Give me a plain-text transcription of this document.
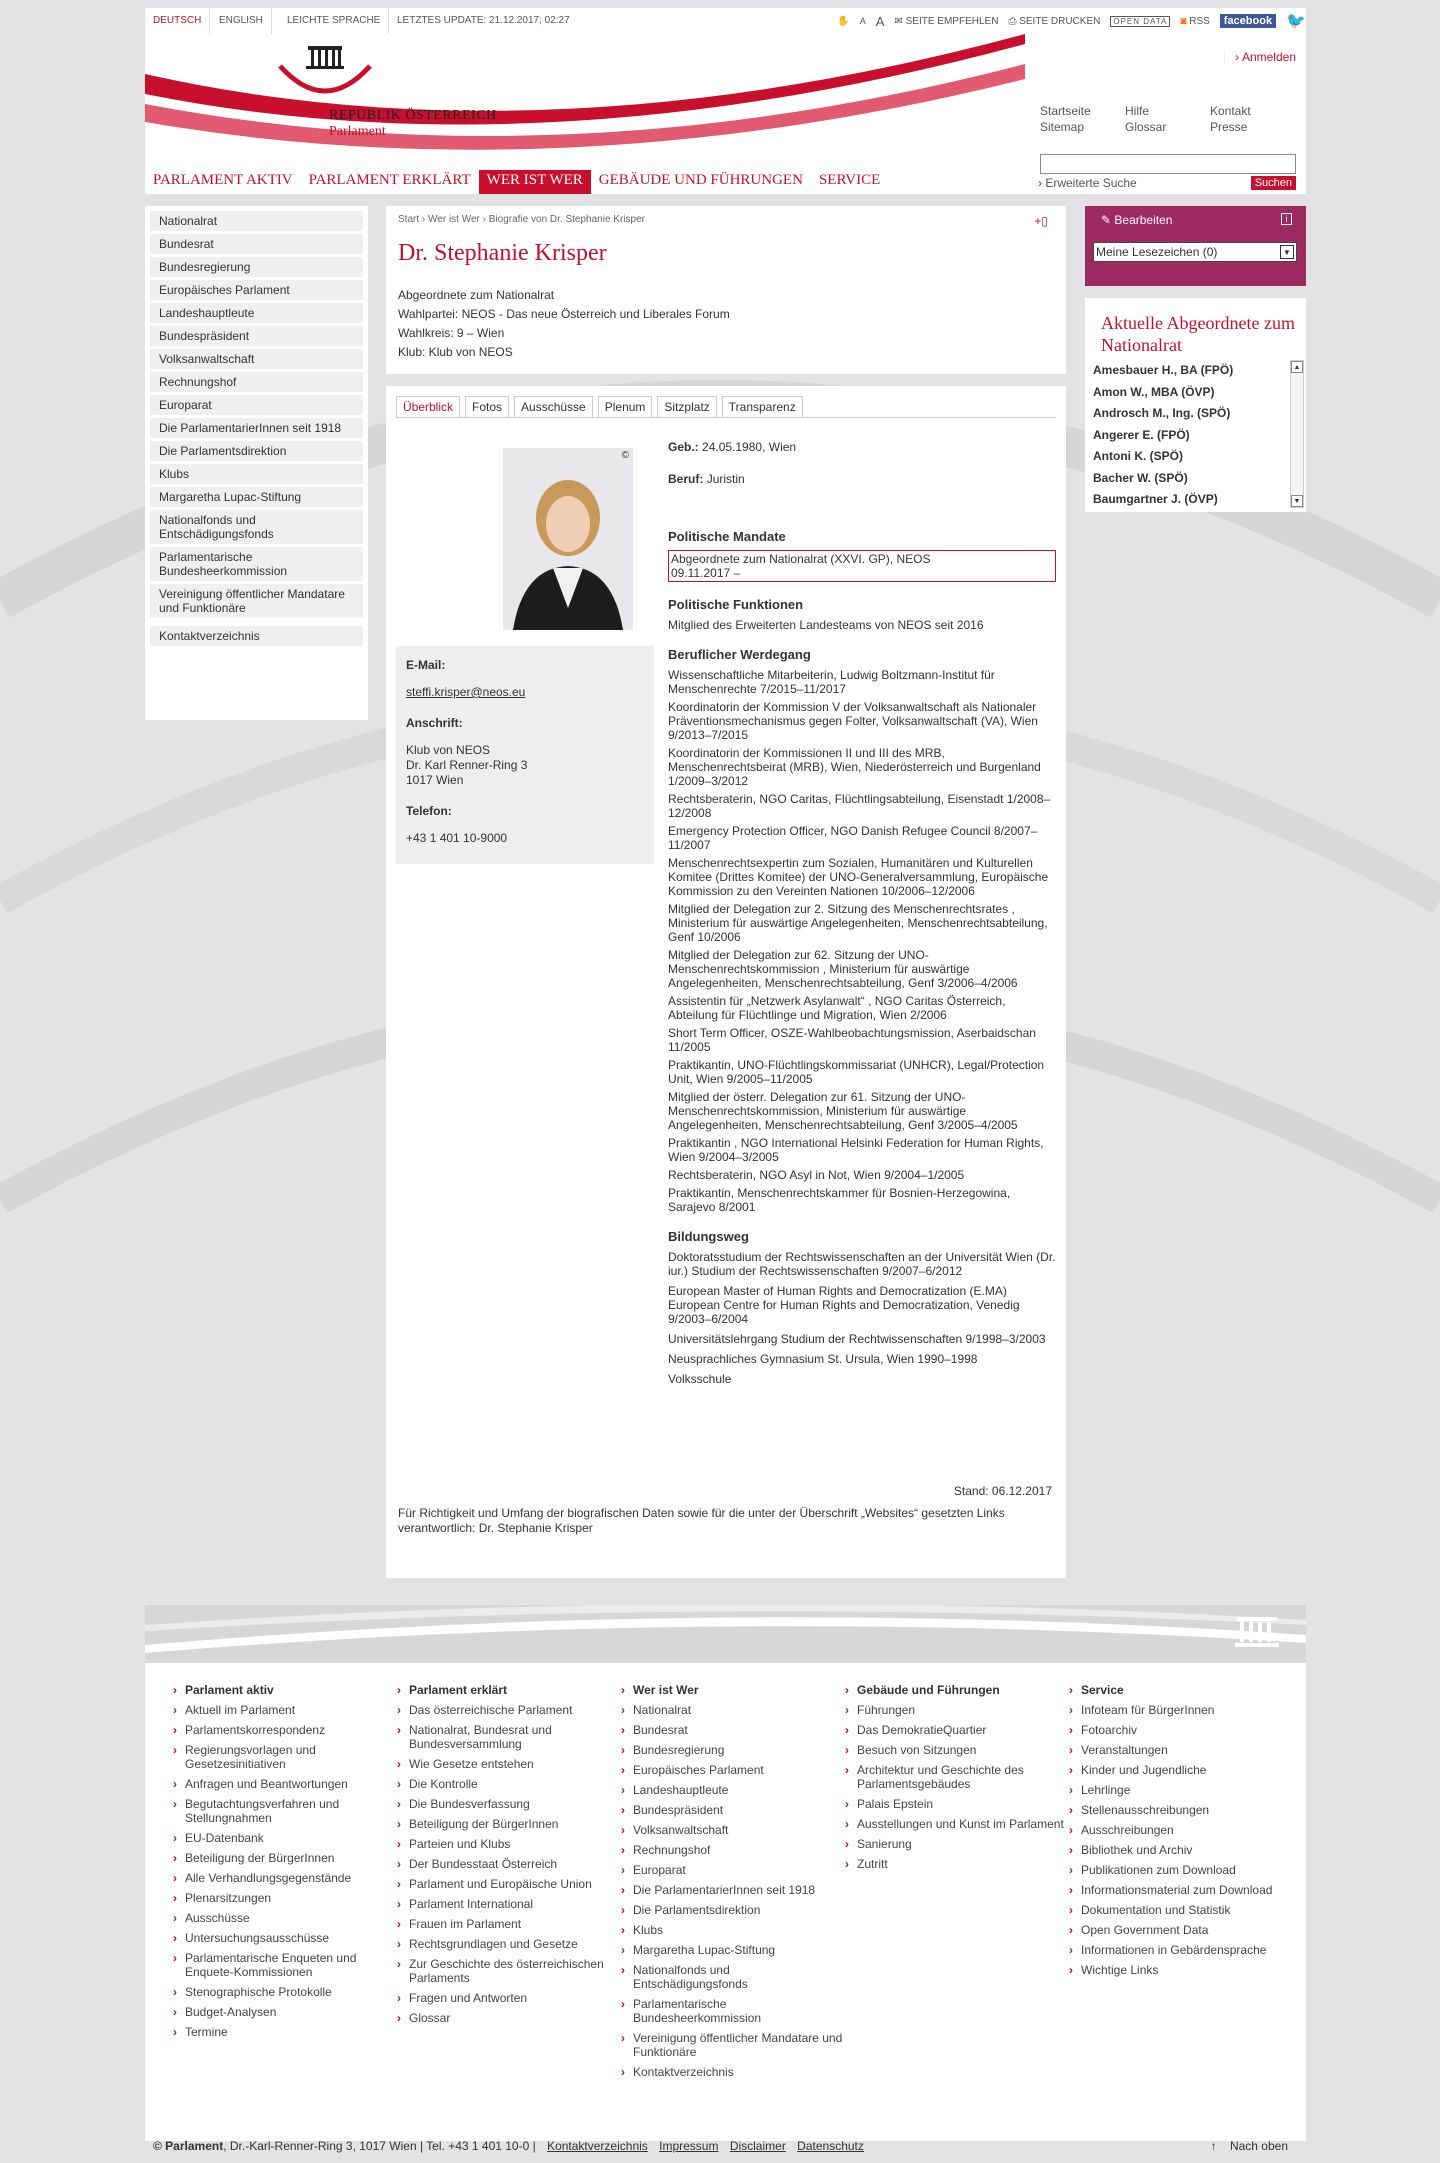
DEUTSCH	ENGLISH	LEICHTE SPRACHE	LETZTES UPDATE: 21.12.2017; 02:27	✋ A A ✉ SEITE EMPFEHLEN ⎙ SEITE DRUCKEN	OPEN DATA	◙ RSS	facebook 🐦
REPUBLIK ÖSTERREICH
Parlament
› Anmelden
Startseite	Hilfe	Kontakt
Sitemap	Glossar	Presse
› Erweiterte Suche	Suchen
PARLAMENT AKTIV	PARLAMENT ERKLÄRT	WER IST WER	GEBÄUDE UND FÜHRUNGEN	SERVICE
Nationalrat
Bundesrat
Bundesregierung
Europäisches Parlament
Landeshauptleute
Bundespräsident
Volksanwaltschaft
Rechnungshof
Europarat
Die ParlamentarierInnen seit 1918
Die Parlamentsdirektion
Klubs
Margaretha Lupac-Stiftung
Nationalfonds und Entschädigungsfonds
Parlamentarische Bundesheerkommission
Vereinigung öffentlicher Mandatare und Funktionäre
Kontaktverzeichnis
Start › Wer ist Wer › Biografie von Dr. Stephanie Krisper	+▯
Dr. Stephanie Krisper
Abgeordnete zum Nationalrat
Wahlpartei: NEOS - Das neue Österreich und Liberales Forum
Wahlkreis: 9 – Wien
Klub: Klub von NEOS
Überblick	Fotos	Ausschüsse	Plenum	Sitzplatz	Transparenz
©
E-Mail:
steffi.krisper@neos.eu
Anschrift:
Klub von NEOS
Dr. Karl Renner-Ring 3
1017 Wien
Telefon:
+43 1 401 10-9000
Geb.: 24.05.1980, Wien
Beruf: Juristin
Politische Mandate
Abgeordnete zum Nationalrat (XXVI. GP), NEOS
09.11.2017 –
Politische Funktionen
Mitglied des Erweiterten Landesteams von NEOS seit 2016
Beruflicher Werdegang
Wissenschaftliche Mitarbeiterin, Ludwig Boltzmann-Institut für Menschenrechte 7/2015–11/2017
Koordinatorin der Kommission V der Volksanwaltschaft als Nationaler Präventionsmechanismus gegen Folter, Volksanwaltschaft (VA), Wien 9/2013–7/2015
Koordinatorin der Kommissionen II und III des MRB, Menschenrechtsbeirat (MRB), Wien, Niederösterreich und Burgenland 1/2009–3/2012
Rechtsberaterin, NGO Caritas, Flüchtlingsabteilung, Eisenstadt 1/2008–12/2008
Emergency Protection Officer, NGO Danish Refugee Council 8/2007–11/2007
Menschenrechtsexpertin zum Sozialen, Humanitären und Kulturellen Komitee (Drittes Komitee) der UNO-Generalversammlung, Europäische Kommission zu den Vereinten Nationen 10/2006–12/2006
Mitglied der Delegation zur 2. Sitzung des Menschenrechtsrates , Ministerium für auswärtige Angelegenheiten, Menschenrechtsabteilung, Genf 10/2006
Mitglied der Delegation zur 62. Sitzung der UNO-Menschenrechtskommission , Ministerium für auswärtige Angelegenheiten, Menschenrechtsabteilung, Genf 3/2006–4/2006
Assistentin für „Netzwerk Asylanwalt“ , NGO Caritas Österreich, Abteilung für Flüchtlinge und Migration, Wien 2/2006
Short Term Officer, OSZE-Wahlbeobachtungsmission, Aserbaidschan 11/2005
Praktikantin, UNO-Flüchtlingskommissariat (UNHCR), Legal/Protection Unit, Wien 9/2005–11/2005
Mitglied der österr. Delegation zur 61. Sitzung der UNO-Menschenrechtskommission, Ministerium für auswärtige Angelegenheiten, Menschenrechtsabteilung, Genf 3/2005–4/2005
Praktikantin , NGO International Helsinki Federation for Human Rights, Wien 9/2004–3/2005
Rechtsberaterin, NGO Asyl in Not, Wien 9/2004–1/2005
Praktikantin, Menschenrechtskammer für Bosnien-Herzegowina, Sarajevo 8/2001
Bildungsweg
Doktoratsstudium der Rechtswissenschaften an der Universität Wien (Dr. iur.) Studium der Rechtswissenschaften 9/2007–6/2012
European Master of Human Rights and Democratization (E.MA) European Centre for Human Rights and Democratization, Venedig 9/2003–6/2004
Universitätslehrgang Studium der Rechtwissenschaften 9/1998–3/2003
Neusprachliches Gymnasium St. Ursula, Wien 1990–1998
Volksschule
Stand: 06.12.2017
Für Richtigkeit und Umfang der biografischen Daten sowie für die unter der Überschrift „Websites“ gesetzten Links verantwortlich: Dr. Stephanie Krisper
✎ Bearbeiten	i
Meine Lesezeichen (0)	▼
Aktuelle Abgeordnete zum Nationalrat
Amesbauer H., BA (FPÖ)
Amon W., MBA (ÖVP)
Androsch M., Ing. (SPÖ)
Angerer E. (FPÖ)
Antoni K. (SPÖ)
Bacher W. (SPÖ)
Baumgartner J. (ÖVP)
▲
▼
› Parlament aktiv
› Aktuell im Parlament
› Parlamentskorrespondenz
› Regierungsvorlagen und Gesetzesinitiativen
› Anfragen und Beantwortungen
› Begutachtungsverfahren und Stellungnahmen
› EU-Datenbank
› Beteiligung der BürgerInnen
› Alle Verhandlungsgegenstände
› Plenarsitzungen
› Ausschüsse
› Untersuchungsausschüsse
› Parlamentarische Enqueten und Enquete-Kommissionen
› Stenographische Protokolle
› Budget-Analysen
› Termine
› Parlament erklärt
› Das österreichische Parlament
› Nationalrat, Bundesrat und Bundesversammlung
› Wie Gesetze entstehen
› Die Kontrolle
› Die Bundesverfassung
› Beteiligung der BürgerInnen
› Parteien und Klubs
› Der Bundesstaat Österreich
› Parlament und Europäische Union
› Parlament International
› Frauen im Parlament
› Rechtsgrundlagen und Gesetze
› Zur Geschichte des österreichischen Parlaments
› Fragen und Antworten
› Glossar
› Wer ist Wer
› Nationalrat
› Bundesrat
› Bundesregierung
› Europäisches Parlament
› Landeshauptleute
› Bundespräsident
› Volksanwaltschaft
› Rechnungshof
› Europarat
› Die ParlamentarierInnen seit 1918
› Die Parlamentsdirektion
› Klubs
› Margaretha Lupac-Stiftung
› Nationalfonds und Entschädigungsfonds
› Parlamentarische Bundesheerkommission
› Vereinigung öffentlicher Mandatare und Funktionäre
› Kontaktverzeichnis
› Gebäude und Führungen
› Führungen
› Das DemokratieQuartier
› Besuch von Sitzungen
› Architektur und Geschichte des Parlamentsgebäudes
› Palais Epstein
› Ausstellungen und Kunst im Parlament
› Sanierung
› Zutritt
› Service
› Infoteam für BürgerInnen
› Fotoarchiv
› Veranstaltungen
› Kinder und Jugendliche
› Lehrlinge
› Stellenausschreibungen
› Ausschreibungen
› Bibliothek und Archiv
› Publikationen zum Download
› Informationsmaterial zum Download
› Dokumentation und Statistik
› Open Government Data
› Informationen in Gebärdensprache
› Wichtige Links
© Parlament, Dr.-Karl-Renner-Ring 3, 1017 Wien | Tel. +43 1 401 10-0 | Kontaktverzeichnis Impressum Disclaimer Datenschutz	↑ Nach oben
